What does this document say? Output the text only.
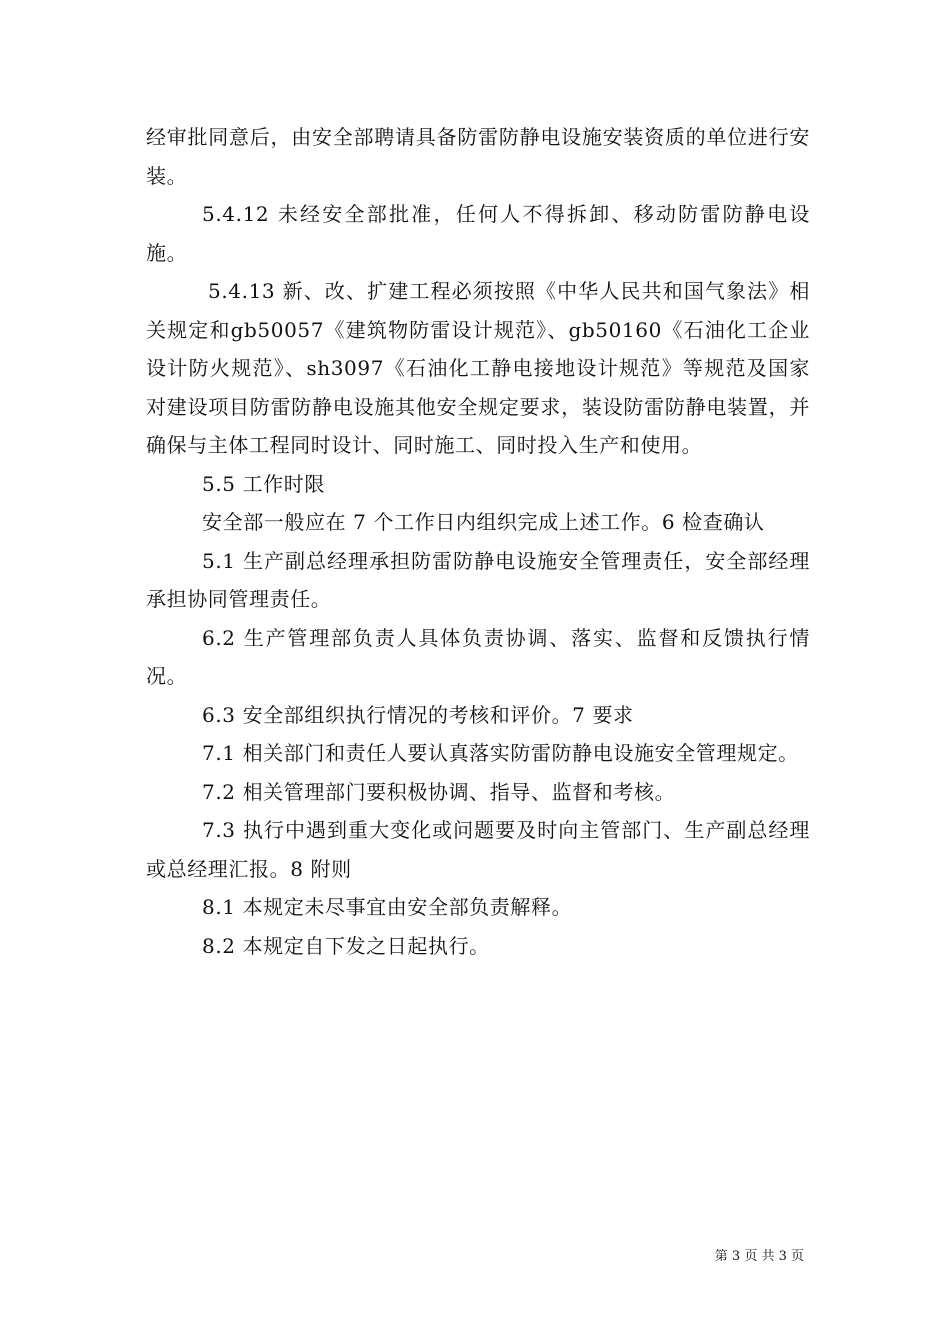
经审批同意后，由安全部聘请具备防雷防静电设施安装资质的单位进行安装。

5.4.12 未经安全部批准，任何人不得拆卸、移动防雷防静电设施。

5.4.13 新、改、扩建工程必须按照《中华人民共和国气象法》相关规定和gb50057《建筑物防雷设计规范》、gb50160《石油化工企业设计防火规范》、sh3097《石油化工静电接地设计规范》等规范及国家对建设项目防雷防静电设施其他安全规定要求，装设防雷防静电装置，并确保与主体工程同时设计、同时施工、同时投入生产和使用。

5.5 工作时限

安全部一般应在 7 个工作日内组织完成上述工作。6 检查确认

5.1 生产副总经理承担防雷防静电设施安全管理责任，安全部经理承担协同管理责任。

6.2 生产管理部负责人具体负责协调、落实、监督和反馈执行情况。

6.3 安全部组织执行情况的考核和评价。7 要求

7.1 相关部门和责任人要认真落实防雷防静电设施安全管理规定。

7.2 相关管理部门要积极协调、指导、监督和考核。

7.3 执行中遇到重大变化或问题要及时向主管部门、生产副总经理或总经理汇报。8 附则

8.1 本规定未尽事宜由安全部负责解释。

8.2 本规定自下发之日起执行。

第 3 页 共 3 页
